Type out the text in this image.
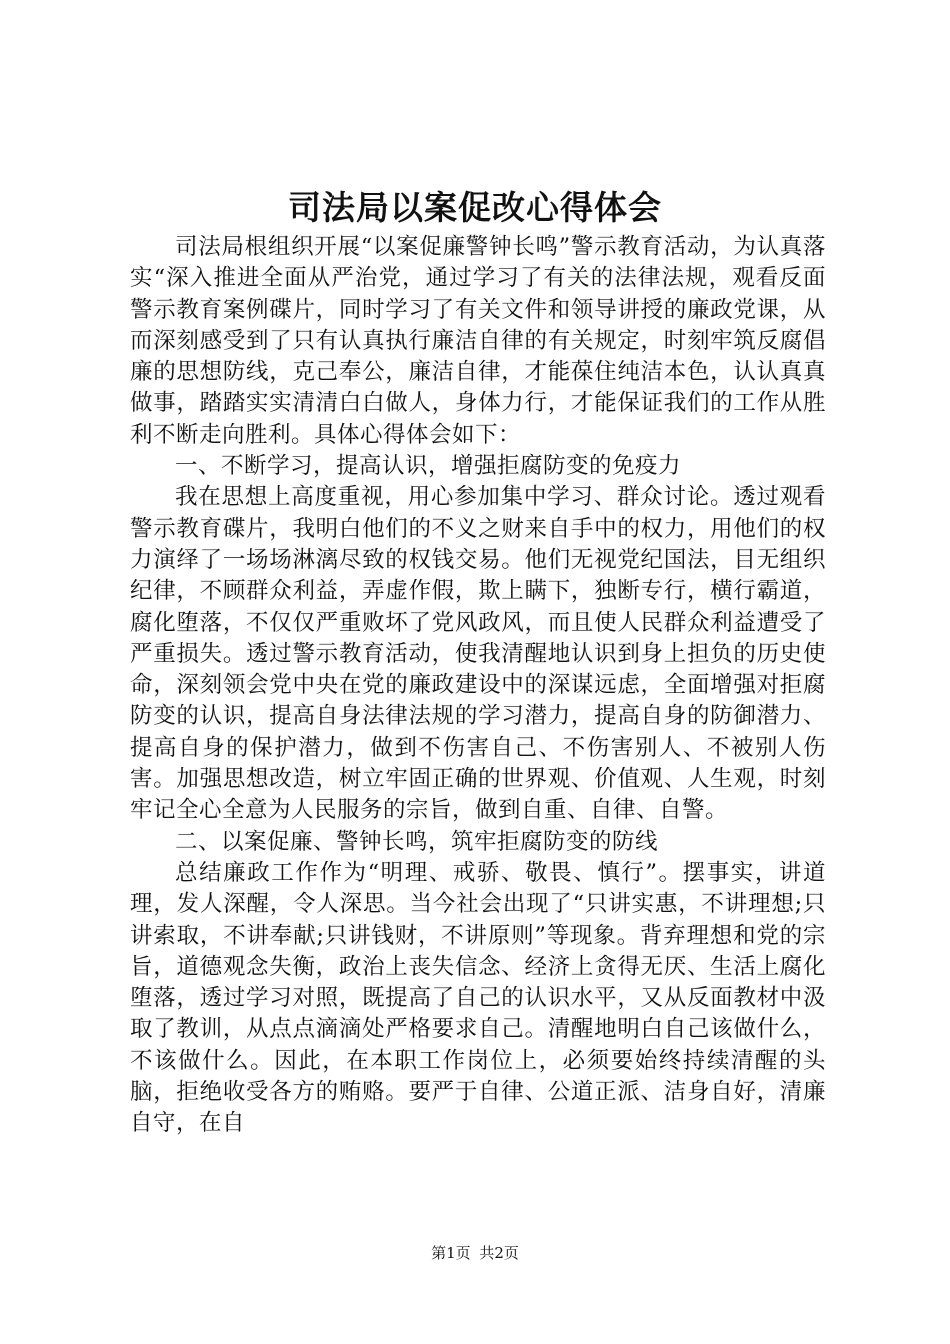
司法局以案促改心得体会

司法局根组织开展“以案促廉警钟长鸣”警示教育活动，为认真落实“深入推进全面从严治党，通过学习了有关的法律法规，观看反面警示教育案例碟片，同时学习了有关文件和领导讲授的廉政党课，从而深刻感受到了只有认真执行廉洁自律的有关规定，时刻牢筑反腐倡廉的思想防线，克己奉公，廉洁自律，才能葆住纯洁本色，认认真真做事，踏踏实实清清白白做人，身体力行，才能保证我们的工作从胜利不断走向胜利。具体心得体会如下：

一、不断学习，提高认识，增强拒腐防变的免疫力

我在思想上高度重视，用心参加集中学习、群众讨论。透过观看警示教育碟片，我明白他们的不义之财来自手中的权力，用他们的权力演绎了一场场淋漓尽致的权钱交易。他们无视党纪国法，目无组织纪律，不顾群众利益，弄虚作假，欺上瞒下，独断专行，横行霸道，腐化堕落，不仅仅严重败坏了党风政风，而且使人民群众利益遭受了严重损失。透过警示教育活动，使我清醒地认识到身上担负的历史使命，深刻领会党中央在党的廉政建设中的深谋远虑，全面增强对拒腐防变的认识，提高自身法律法规的学习潜力，提高自身的防御潜力、提高自身的保护潜力，做到不伤害自己、不伤害别人、不被别人伤害。加强思想改造，树立牢固正确的世界观、价值观、人生观，时刻牢记全心全意为人民服务的宗旨，做到自重、自律、自警。

二、以案促廉、警钟长鸣，筑牢拒腐防变的防线

总结廉政工作作为“明理、戒骄、敬畏、慎行”。摆事实，讲道理，发人深醒，令人深思。当今社会出现了“只讲实惠，不讲理想;只讲索取，不讲奉献;只讲钱财，不讲原则”等现象。背弃理想和党的宗旨，道德观念失衡，政治上丧失信念、经济上贪得无厌、生活上腐化堕落，透过学习对照，既提高了自己的认识水平，又从反面教材中汲取了教训，从点点滴滴处严格要求自己。清醒地明白自己该做什么，不该做什么。因此，在本职工作岗位上，必须要始终持续清醒的头脑，拒绝收受各方的贿赂。要严于自律、公道正派、洁身自好，清廉自守，在自

第1页 共2页
